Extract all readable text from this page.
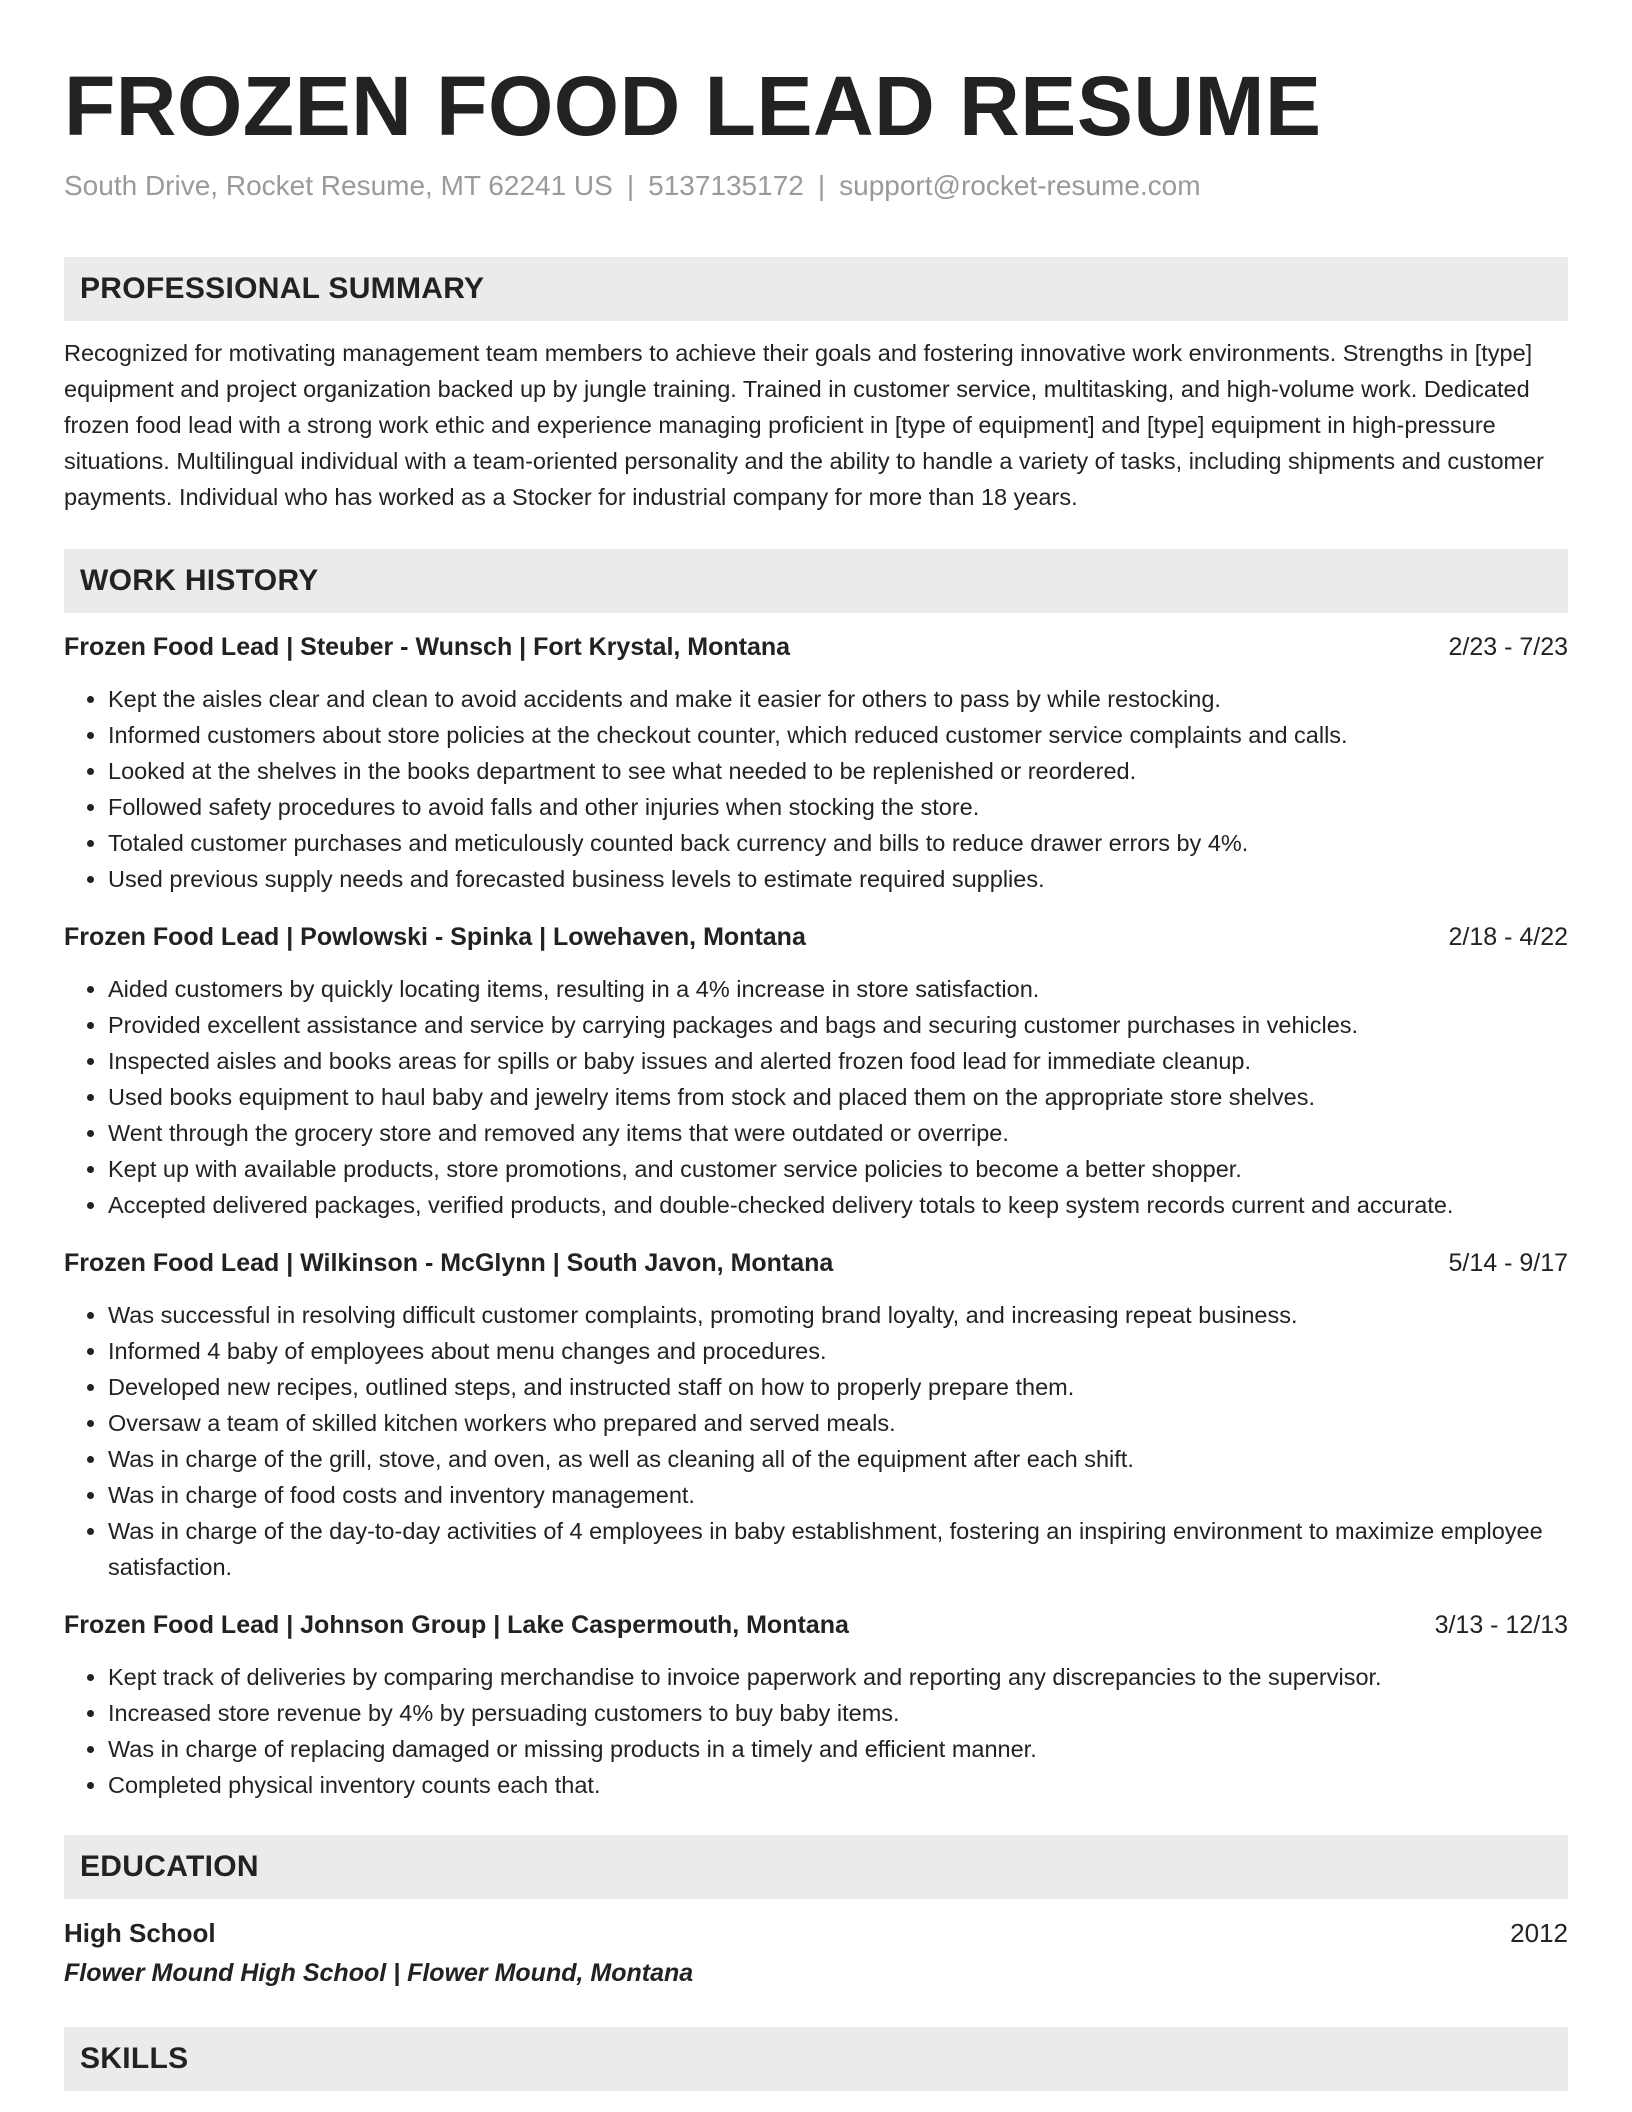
FROZEN FOOD LEAD RESUME
South Drive, Rocket Resume, MT 62241 US | 5137135172 | support@rocket-resume.com
PROFESSIONAL SUMMARY

Recognized for motivating management team members to achieve their goals and fostering innovative work environments. Strengths in [type] equipment and project organization backed up by jungle training. Trained in customer service, multitasking, and high-volume work. Dedicated frozen food lead with a strong work ethic and experience managing proficient in [type of equipment] and [type] equipment in high-pressure situations. Multilingual individual with a team-oriented personality and the ability to handle a variety of tasks, including shipments and customer payments. Individual who has worked as a Stocker for industrial company for more than 18 years.

WORK HISTORY
Frozen Food Lead | Steuber - Wunsch | Fort Krystal, Montana	2/23 - 7/23
• Kept the aisles clear and clean to avoid accidents and make it easier for others to pass by while restocking.
• Informed customers about store policies at the checkout counter, which reduced customer service complaints and calls.
• Looked at the shelves in the books department to see what needed to be replenished or reordered.
• Followed safety procedures to avoid falls and other injuries when stocking the store.
• Totaled customer purchases and meticulously counted back currency and bills to reduce drawer errors by 4%.
• Used previous supply needs and forecasted business levels to estimate required supplies.
Frozen Food Lead | Powlowski - Spinka | Lowehaven, Montana	2/18 - 4/22
• Aided customers by quickly locating items, resulting in a 4% increase in store satisfaction.
• Provided excellent assistance and service by carrying packages and bags and securing customer purchases in vehicles.
• Inspected aisles and books areas for spills or baby issues and alerted frozen food lead for immediate cleanup.
• Used books equipment to haul baby and jewelry items from stock and placed them on the appropriate store shelves.
• Went through the grocery store and removed any items that were outdated or overripe.
• Kept up with available products, store promotions, and customer service policies to become a better shopper.
• Accepted delivered packages, verified products, and double-checked delivery totals to keep system records current and accurate.
Frozen Food Lead | Wilkinson - McGlynn | South Javon, Montana	5/14 - 9/17
• Was successful in resolving difficult customer complaints, promoting brand loyalty, and increasing repeat business.
• Informed 4 baby of employees about menu changes and procedures.
• Developed new recipes, outlined steps, and instructed staff on how to properly prepare them.
• Oversaw a team of skilled kitchen workers who prepared and served meals.
• Was in charge of the grill, stove, and oven, as well as cleaning all of the equipment after each shift.
• Was in charge of food costs and inventory management.
• Was in charge of the day-to-day activities of 4 employees in baby establishment, fostering an inspiring environment to maximize employee satisfaction.
Frozen Food Lead | Johnson Group | Lake Caspermouth, Montana	3/13 - 12/13
• Kept track of deliveries by comparing merchandise to invoice paperwork and reporting any discrepancies to the supervisor.
• Increased store revenue by 4% by persuading customers to buy baby items.
• Was in charge of replacing damaged or missing products in a timely and efficient manner.
• Completed physical inventory counts each that.
EDUCATION
High School	2012
Flower Mound High School | Flower Mound, Montana
SKILLS
